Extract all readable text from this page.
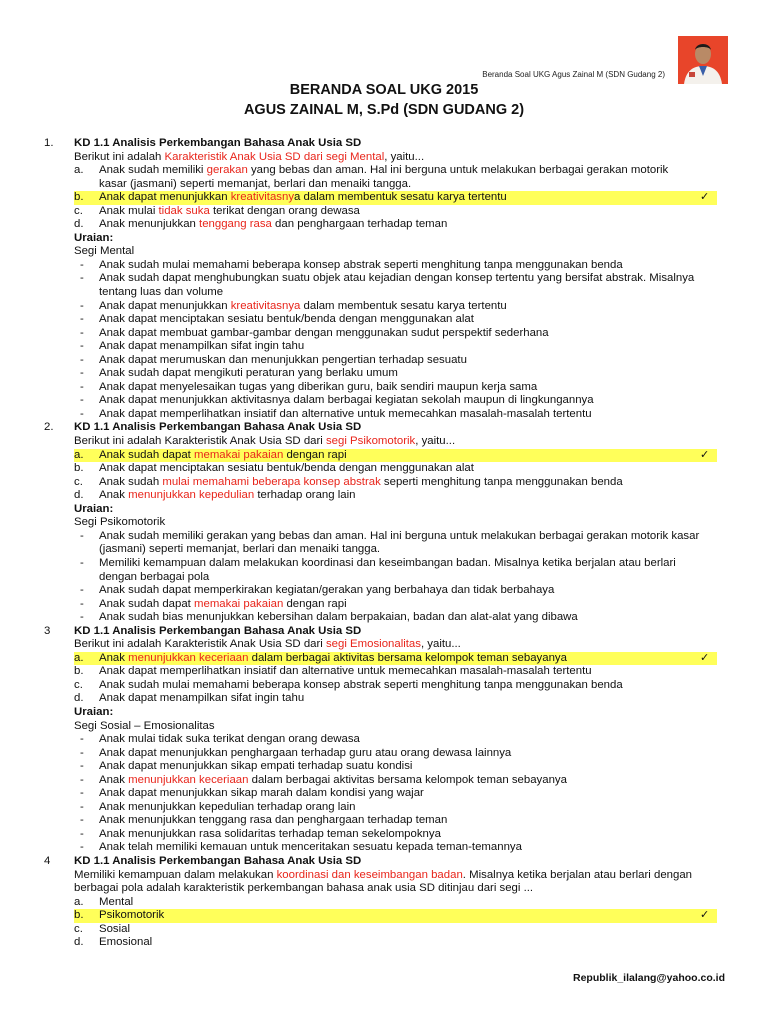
Beranda Soal UKG Agus Zainal M (SDN Gudang 2)
BERANDA SOAL UKG 2015
AGUS ZAINAL M, S.Pd (SDN GUDANG 2)
1. KD 1.1 Analisis Perkembangan Bahasa Anak Usia SD
Berikut ini adalah Karakteristik Anak Usia SD dari segi Mental, yaitu...
a. Anak sudah memiliki gerakan yang bebas dan aman. Hal ini berguna untuk melakukan berbagai gerakan motorik
kasar (jasmani) seperti memanjat, berlari dan menaiki tangga.
b. Anak dapat menunjukkan kreativitasnya dalam membentuk sesatu karya tertentu	✓
c. Anak mulai tidak suka terikat dengan orang dewasa
d. Anak menunjukkan tenggang rasa dan penghargaan terhadap teman
Uraian:
Segi Mental
- Anak sudah mulai memahami beberapa konsep abstrak seperti menghitung tanpa menggunakan benda
- Anak sudah dapat menghubungkan suatu objek atau kejadian dengan konsep tertentu yang bersifat abstrak. Misalnya
tentang luas dan volume
- Anak dapat menunjukkan kreativitasnya dalam membentuk sesatu karya tertentu
- Anak dapat menciptakan sesiatu bentuk/benda dengan menggunakan alat
- Anak dapat membuat gambar-gambar dengan menggunakan sudut perspektif sederhana
- Anak dapat menampilkan sifat ingin tahu
- Anak dapat merumuskan dan menunjukkan pengertian terhadap sesuatu
- Anak sudah dapat mengikuti peraturan yang berlaku umum
- Anak dapat menyelesaikan tugas yang diberikan guru, baik sendiri maupun kerja sama
- Anak dapat menunjukkan aktivitasnya dalam berbagai kegiatan sekolah maupun di lingkungannya
- Anak dapat memperlihatkan insiatif dan alternative untuk memecahkan masalah-masalah tertentu
2. KD 1.1 Analisis Perkembangan Bahasa Anak Usia SD
Berikut ini adalah Karakteristik Anak Usia SD dari segi Psikomotorik, yaitu...
a. Anak sudah dapat memakai pakaian dengan rapi	✓
b. Anak dapat menciptakan sesiatu bentuk/benda dengan menggunakan alat
c. Anak sudah mulai memahami beberapa konsep abstrak seperti menghitung tanpa menggunakan benda
d. Anak menunjukkan kepedulian terhadap orang lain
Uraian:
Segi Psikomotorik
- Anak sudah memiliki gerakan yang bebas dan aman. Hal ini berguna untuk melakukan berbagai gerakan motorik kasar
(jasmani) seperti memanjat, berlari dan menaiki tangga.
- Memiliki kemampuan dalam melakukan koordinasi dan keseimbangan badan. Misalnya ketika berjalan atau berlari
dengan berbagai pola
- Anak sudah dapat memperkirakan kegiatan/gerakan yang berbahaya dan tidak berbahaya
- Anak sudah dapat memakai pakaian dengan rapi
- Anak sudah bias menunjukkan kebersihan dalam berpakaian, badan dan alat-alat yang dibawa
3 KD 1.1 Analisis Perkembangan Bahasa Anak Usia SD
Berikut ini adalah Karakteristik Anak Usia SD dari segi Emosionalitas, yaitu...
a. Anak menunjukkan keceriaan dalam berbagai aktivitas bersama kelompok teman sebayanya	✓
b. Anak dapat memperlihatkan insiatif dan alternative untuk memecahkan masalah-masalah tertentu
c. Anak sudah mulai memahami beberapa konsep abstrak seperti menghitung tanpa menggunakan benda
d. Anak dapat menampilkan sifat ingin tahu
Uraian:
Segi Sosial – Emosionalitas
- Anak mulai tidak suka terikat dengan orang dewasa
- Anak dapat menunjukkan penghargaan terhadap guru atau orang dewasa lainnya
- Anak dapat menunjukkan sikap empati terhadap suatu kondisi
- Anak menunjukkan keceriaan dalam berbagai aktivitas bersama kelompok teman sebayanya
- Anak dapat menunjukkan sikap marah dalam kondisi yang wajar
- Anak menunjukkan kepedulian terhadap orang lain
- Anak menunjukkan tenggang rasa dan penghargaan terhadap teman
- Anak menunjukkan rasa solidaritas terhadap teman sekelompoknya
- Anak telah memiliki kemauan untuk menceritakan sesuatu kepada teman-temannya
4 KD 1.1 Analisis Perkembangan Bahasa Anak Usia SD
Memiliki kemampuan dalam melakukan koordinasi dan keseimbangan badan. Misalnya ketika berjalan atau berlari dengan
berbagai pola adalah karakteristik perkembangan bahasa anak usia SD ditinjau dari segi ...
a. Mental
b. Psikomotorik	✓
c. Sosial
d. Emosional
Republik_ilalang@yahoo.co.id
